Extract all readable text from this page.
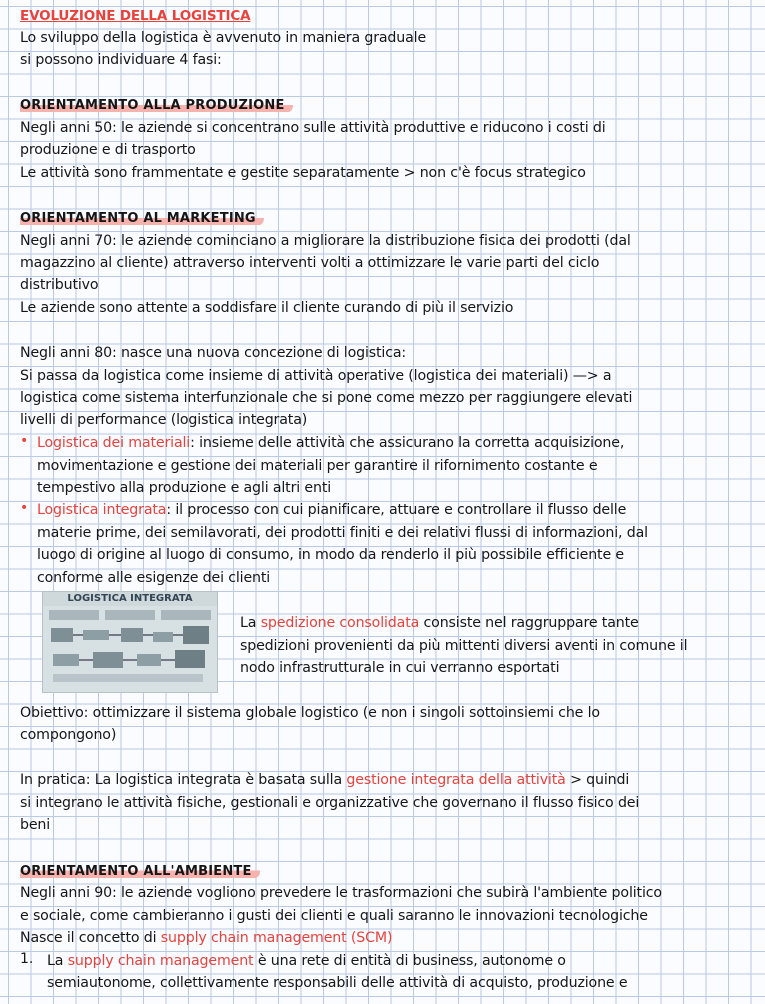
EVOLUZIONE DELLA LOGISTICA
Lo sviluppo della logistica è avvenuto in maniera graduale
si possono individuare 4 fasi:
ORIENTAMENTO ALLA PRODUZIONE
Negli anni 50: le aziende si concentrano sulle attività produttive e riducono i costi di
produzione e di trasporto
Le attività sono frammentate e gestite separatamente > non c'è focus strategico
ORIENTAMENTO AL MARKETING
Negli anni 70: le aziende cominciano a migliorare la distribuzione fisica dei prodotti (dal
magazzino al cliente) attraverso interventi volti a ottimizzare le varie parti del ciclo
distributivo
Le aziende sono attente a soddisfare il cliente curando di più il servizio
Negli anni 80: nasce una nuova concezione di logistica:
Si passa da logistica come insieme di attività operative (logistica dei materiali) —> a
logistica come sistema interfunzionale che si pone come mezzo per raggiungere elevati
livelli di performance (logistica integrata)
• Logistica dei materiali: insieme delle attività che assicurano la corretta acquisizione,
movimentazione e gestione dei materiali per garantire il rifornimento costante e
tempestivo alla produzione e agli altri enti
• Logistica integrata: il processo con cui pianificare, attuare e controllare il flusso delle
materie prime, dei semilavorati, dei prodotti finiti e dei relativi flussi di informazioni, dal
luogo di origine al luogo di consumo, in modo da renderlo il più possibile efficiente e
conforme alle esigenze dei clienti
LOGISTICA INTEGRATA
La spedizione consolidata consiste nel raggruppare tante
spedizioni provenienti da più mittenti diversi aventi in comune il
nodo infrastrutturale in cui verranno esportati
Obiettivo: ottimizzare il sistema globale logistico (e non i singoli sottoinsiemi che lo
compongono)
In pratica: La logistica integrata è basata sulla gestione integrata della attività > quindi
si integrano le attività fisiche, gestionali e organizzative che governano il flusso fisico dei
beni
ORIENTAMENTO ALL'AMBIENTE
Negli anni 90: le aziende vogliono prevedere le trasformazioni che subirà l'ambiente politico
e sociale, come cambieranno i gusti dei clienti e quali saranno le innovazioni tecnologiche
Nasce il concetto di supply chain management (SCM)
1. La supply chain management è una rete di entità di business, autonome o
semiautonome, collettivamente responsabili delle attività di acquisto, produzione e
